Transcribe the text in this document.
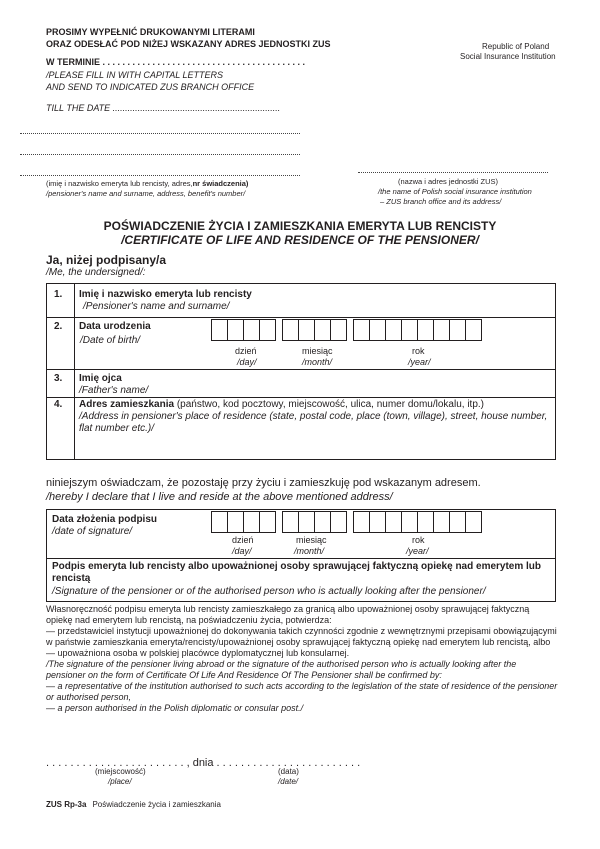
PROSIMY WYPEŁNIĆ DRUKOWANYMI LITERAMI
ORAZ ODESŁAĆ POD NIŻEJ WSKAZANY ADRES JEDNOSTKI ZUS
W TERMINIE . . . . . . . . . . . . . . . . . . . . . . . . . . . . . . . . . . . . . . . . .
/PLEASE FILL IN WITH CAPITAL LETTERS
AND SEND TO INDICATED ZUS BRANCH OFFICE
TILL THE DATE ...................................................................
Republic of Poland
Social Insurance Institution
(imię i nazwisko emeryta lub rencisty, adres,nr świadczenia)
/pensioner's name and surname, address, benefit's number/
(nazwa i adres jednostki ZUS)
/the name of Polish social insurance institution
– ZUS branch office and its address/
POŚWIADCZENIE ŻYCIA I ZAMIESZKANIA EMERYTA LUB RENCISTY
/CERTIFICATE OF LIFE AND RESIDENCE OF THE PENSIONER/
Ja, niżej podpisany/a
/Me, the undersigned/:
1. Imię i nazwisko emeryta lub rencisty
/Pensioner's name and surname/
2. Data urodzenia
/Date of birth/
dzień
/day/
miesiąc
/month/
rok
/year/
3. Imię ojca
/Father's name/
4. Adres zamieszkania (państwo, kod pocztowy, miejscowość, ulica, numer domu/lokalu, itp.)
/Address in pensioner's place of residence (state, postal code, place (town, village), street, house number, flat number etc.)/
niniejszym oświadczam, że pozostaję przy życiu i zamieszkuję pod wskazanym adresem.
/hereby I declare that I live and reside at the above mentioned address/
Data złożenia podpisu
/date of signature/
dzień
/day/
miesiąc
/month/
rok
/year/
Podpis emeryta lub rencisty albo upoważnionej osoby sprawującej faktyczną opiekę nad emerytem lub rencistą
/Signature of the pensioner or of the authorised person who is actually looking after the pensioner/
Własnoręczność podpisu emeryta lub rencisty zamieszkałego za granicą albo upoważnionej osoby sprawującej faktyczną opiekę nad emerytem lub rencistą, na poświadczeniu życia, potwierdza:
— przedstawiciel instytucji upoważnionej do dokonywania takich czynności zgodnie z wewnętrznymi przepisami obowiązującymi w państwie zamieszkania emeryta/rencisty/upoważnionej osoby sprawującej faktyczną opiekę nad emerytem lub rencistą, albo
— upoważniona osoba w polskiej placówce dyplomatycznej lub konsularnej.
/The signature of the pensioner living abroad or the signature of the authorised person who is actually looking after the pensioner on the form of Certificate Of Life And Residence Of The Pensioner shall be confirmed by:
— a representative of the institution authorised to such acts according to the legislation of the state of residence of the pensioner or authorised person,
— a person authorised in the Polish diplomatic or consular post./
. . . . . . . . . . . . . . . . . . . . . . . , dnia . . . . . . . . . . . . . . . . . . . . . . . .
(miejscowość)
/place/
(data)
/date/
ZUS Rp-3a Poświadczenie życia i zamieszkania
